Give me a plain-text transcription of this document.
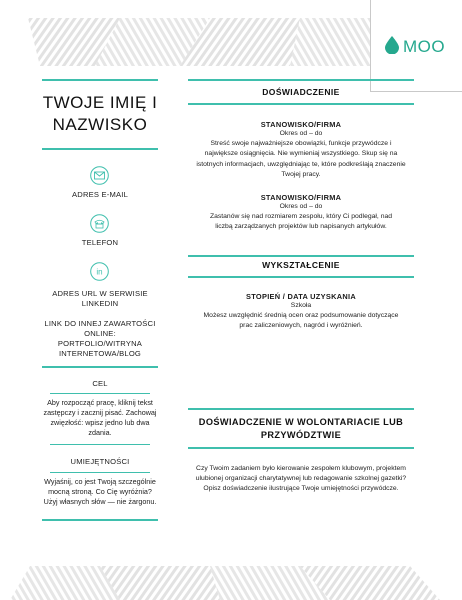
MOO
TWOJE IMIĘ I NAZWISKO
ADRES E-MAIL
TELEFON
in
ADRES URL W SERWISIE LINKEDIN
LINK DO INNEJ ZAWARTOŚCI ONLINE: PORTFOLIO/WITRYNA INTERNETOWA/BLOG
CEL
Aby rozpocząć pracę, kliknij tekst zastępczy i zacznij pisać. Zachowaj zwięzłość: wpisz jedno lub dwa zdania.
UMIEJĘTNOŚCI
Wyjaśnij, co jest Twoją szczególnie mocną stroną. Co Cię wyróżnia? Użyj własnych słów — nie żargonu.
DOŚWIADCZENIE
STANOWISKO/FIRMA
Okres od – do
Streść swoje najważniejsze obowiązki, funkcje przywódcze i największe osiągnięcia. Nie wymieniaj wszystkiego. Skup się na istotnych informacjach, uwzględniając te, które podkreślają znaczenie Twojej pracy.
STANOWISKO/FIRMA
Okres od – do
Zastanów się nad rozmiarem zespołu, który Ci podlegał, nad liczbą zarządzanych projektów lub napisanych artykułów.
WYKSZTAŁCENIE
STOPIEŃ / DATA UZYSKANIA
Szkoła
Możesz uwzględnić średnią ocen oraz podsumowanie dotyczące prac zaliczeniowych, nagród i wyróżnień.
DOŚWIADCZENIE W WOLONTARIACIE LUB PRZYWÓDZTWIE
Czy Twoim zadaniem było kierowanie zespołem klubowym, projektem ulubionej organizacji charytatywnej lub redagowanie szkolnej gazetki? Opisz doświadczenie ilustrujące Twoje umiejętności przywódcze.
